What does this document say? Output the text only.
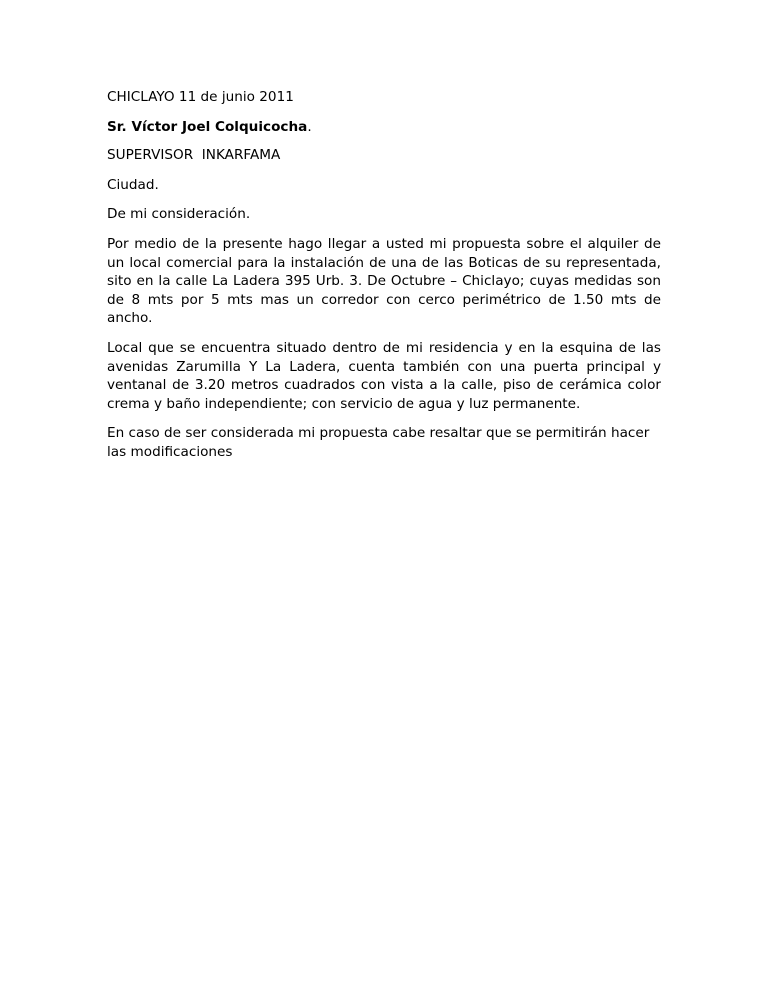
CHICLAYO 11 de junio 2011

Sr. Víctor Joel Colquicocha.

SUPERVISOR  INKARFAMA

Ciudad.

De mi consideración.

Por medio de la presente hago llegar a usted mi propuesta sobre el alquiler de un local comercial para la instalación de una de las Boticas de su representada, sito en la calle La Ladera 395 Urb. 3. De Octubre – Chiclayo; cuyas medidas son de 8 mts por 5 mts mas un corredor con cerco perimétrico de 1.50 mts de ancho.

Local que se encuentra situado dentro de mi residencia y en la esquina de las avenidas Zarumilla Y La Ladera, cuenta también con una puerta principal y ventanal de 3.20 metros cuadrados con vista a la calle, piso de cerámica color crema y baño independiente; con servicio de agua y luz permanente.

En caso de ser considerada mi propuesta cabe resaltar que se permitirán hacer las modificaciones
